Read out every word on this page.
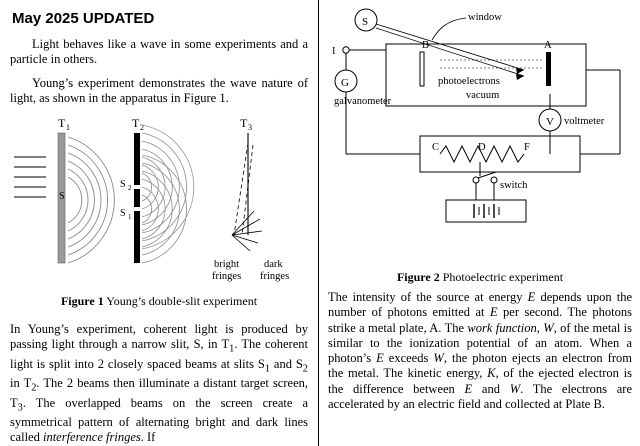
May 2025 UPDATED

Light behaves like a wave in some experiments and a particle in others.

Young’s experiment demonstrates the wave nature of light, as shown in the apparatus in Figure 1.

T 1	T 2	T 3
S
S 2
S 1
bright
fringes
dark
fringes
Figure 1 Young’s double-slit experiment
In Young’s experiment, coherent light is produced by passing light through a narrow slit, S, in $T_1$. The coherent light is split into 2 closely spaced beams at slits $S_1$ and $S_2$ in $T_2$. The 2 beams then illuminate a distant target screen, $T_3$. The overlapped beams on the screen create a symmetrical pattern of alternating bright and dark lines called interference fringes. If
S	window
B	A
photoelectrons
vacuum
I
G
galvanometer
V voltmeter
C	D	F
switch
Figure 2 Photoelectric experiment
The intensity of the source at energy E depends upon the number of photons emitted at E per second. The photons strike a metal plate, A. The work function, W, of the metal is similar to the ionization potential of an atom. When a photon’s E exceeds W, the photon ejects an electron from the metal. The kinetic energy, K, of the ejected electron is the difference between E and W. The electrons are accelerated by an electric field and collected at Plate B.
